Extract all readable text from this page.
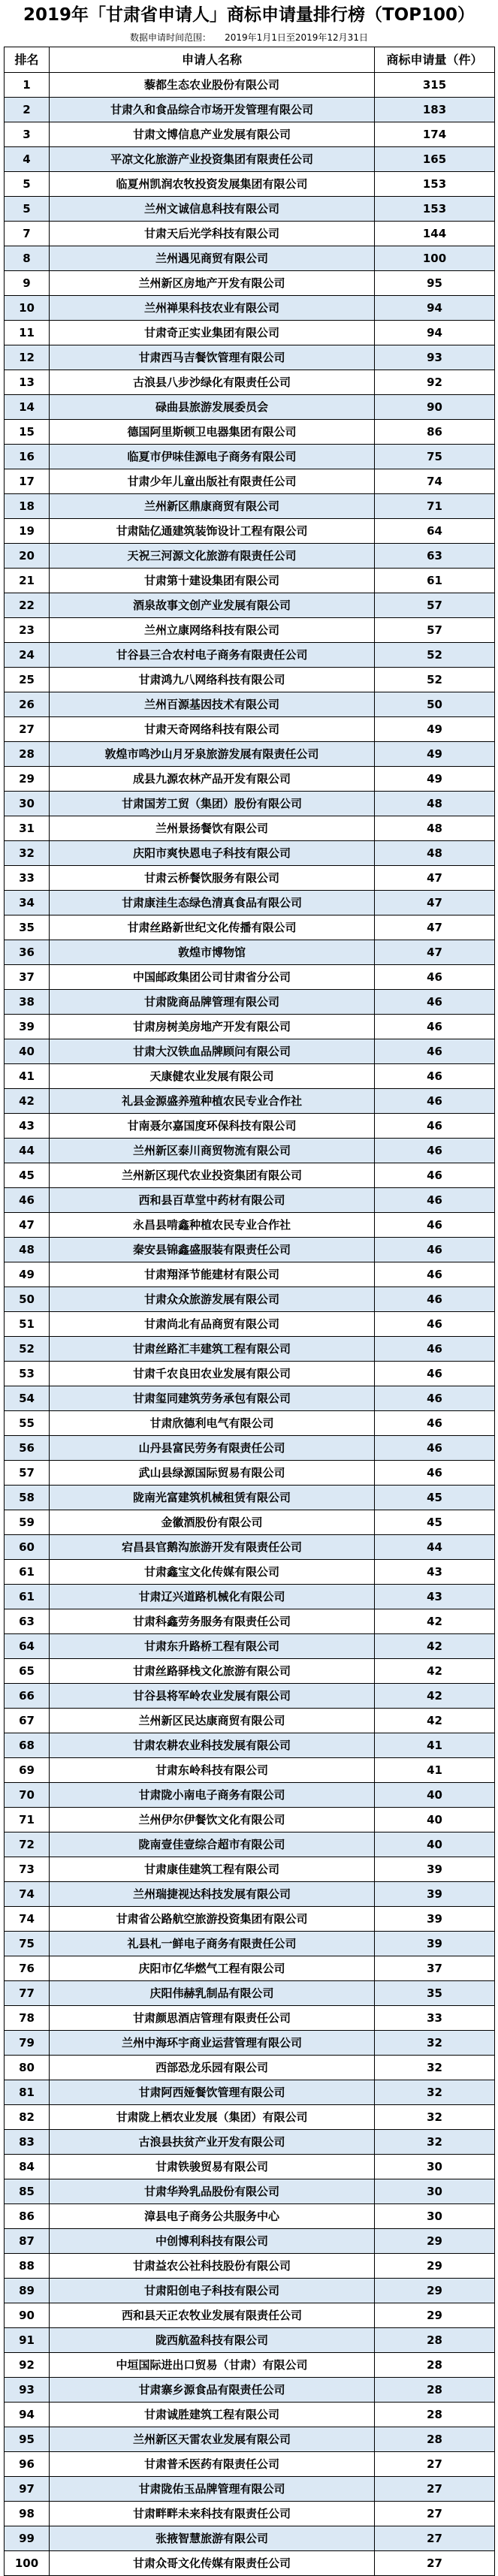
2019年「甘肃省申请人」商标申请量排行榜（TOP100）
数据申请时间范围： 2019年1月1日至2019年12月31日
排名	申请人名称	商标申请量（件）
1	藜都生态农业股份有限公司	315
2	甘肃久和食品综合市场开发管理有限公司	183
3	甘肃文博信息产业发展有限公司	174
4	平凉文化旅游产业投资集团有限责任公司	165
5	临夏州凯润农牧投资发展集团有限公司	153
5	兰州文诚信息科技有限公司	153
7	甘肃天后光学科技有限公司	144
8	兰州遇见商贸有限公司	100
9	兰州新区房地产开发有限公司	95
10	兰州禅果科技农业有限公司	94
11	甘肃奇正实业集团有限公司	94
12	甘肃西马吉餐饮管理有限公司	93
13	古浪县八步沙绿化有限责任公司	92
14	碌曲县旅游发展委员会	90
15	德国阿里斯顿卫电器集团有限公司	86
16	临夏市伊味佳源电子商务有限公司	75
17	甘肃少年儿童出版社有限责任公司	74
18	兰州新区鼎康商贸有限公司	71
19	甘肃陆亿通建筑装饰设计工程有限公司	64
20	天祝三河源文化旅游有限责任公司	63
21	甘肃第十建设集团有限公司	61
22	酒泉故事文创产业发展有限公司	57
23	兰州立康网络科技有限公司	57
24	甘谷县三合农村电子商务有限责任公司	52
25	甘肃鸿九八网络科技有限公司	52
26	兰州百源基因技术有限公司	50
27	甘肃天奇网络科技有限公司	49
28	敦煌市鸣沙山月牙泉旅游发展有限责任公司	49
29	成县九源农林产品开发有限公司	49
30	甘肃国芳工贸（集团）股份有限公司	48
31	兰州景扬餐饮有限公司	48
32	庆阳市爽快恩电子科技有限公司	48
33	甘肃云桥餐饮服务有限公司	47
34	甘肃康洼生态绿色清真食品有限公司	47
35	甘肃丝路新世纪文化传播有限公司	47
36	敦煌市博物馆	47
37	中国邮政集团公司甘肃省分公司	46
38	甘肃陇商品牌管理有限公司	46
39	甘肃房树美房地产开发有限公司	46
40	甘肃大汉铁血品牌顾问有限公司	46
41	天康健农业发展有限公司	46
42	礼县金源盛养殖种植农民专业合作社	46
43	甘南聂尔嘉国度环保科技有限公司	46
44	兰州新区泰川商贸物流有限公司	46
45	兰州新区现代农业投资集团有限公司	46
46	西和县百草堂中药材有限公司	46
47	永昌县啃鑫种植农民专业合作社	46
48	秦安县锦鑫盛服装有限责任公司	46
49	甘肃翔泽节能建材有限公司	46
50	甘肃众众旅游发展有限公司	46
51	甘肃尚北有品商贸有限公司	46
52	甘肃丝路汇丰建筑工程有限公司	46
53	甘肃千农良田农业发展有限公司	46
54	甘肃玺同建筑劳务承包有限公司	46
55	甘肃欣德利电气有限公司	46
56	山丹县富民劳务有限责任公司	46
57	武山县绿源国际贸易有限公司	46
58	陇南光富建筑机械租赁有限公司	45
59	金徽酒股份有限公司	45
60	宕昌县官鹅沟旅游开发有限责任公司	44
61	甘肃鑫宝文化传媒有限公司	43
61	甘肃辽兴道路机械化有限公司	43
63	甘肃科鑫劳务服务有限责任公司	42
64	甘肃东升路桥工程有限公司	42
65	甘肃丝路驿栈文化旅游有限公司	42
66	甘谷县将军岭农业发展有限公司	42
67	兰州新区民达康商贸有限公司	42
68	甘肃农耕农业科技发展有限公司	41
69	甘肃东岭科技有限公司	41
70	甘肃陇小南电子商务有限公司	40
71	兰州伊尔伊餐饮文化有限公司	40
72	陇南壹佳壹综合超市有限公司	40
73	甘肃康佳建筑工程有限公司	39
74	兰州瑞捷视达科技发展有限公司	39
74	甘肃省公路航空旅游投资集团有限公司	39
75	礼县札一鲜电子商务有限责任公司	39
76	庆阳市亿华燃气工程有限公司	37
77	庆阳伟赫乳制品有限公司	35
78	甘肃颜思酒店管理有限责任公司	33
79	兰州中海环宇商业运营管理有限公司	32
80	西部恐龙乐园有限公司	32
81	甘肃阿西娅餐饮管理有限公司	32
82	甘肃陇上栖农业发展（集团）有限公司	32
83	古浪县扶贫产业开发有限公司	32
84	甘肃铁骏贸易有限公司	30
85	甘肃华羚乳品股份有限公司	30
86	漳县电子商务公共服务中心	30
87	中创博利科技有限公司	29
88	甘肃益农公社科技股份有限公司	29
89	甘肃阳创电子科技有限公司	29
90	西和县天正农牧业发展有限责任公司	29
91	陇西航盈科技有限公司	28
92	中垣国际进出口贸易（甘肃）有限公司	28
93	甘肃寨乡源食品有限责任公司	28
94	甘肃诚胜建筑工程有限公司	28
95	兰州新区天雷农业发展有限公司	28
96	甘肃普禾医药有限责任公司	27
97	甘肃陇佑玉品牌管理有限公司	27
98	甘肃畔畔未来科技有限责任公司	27
99	张掖智慧旅游有限公司	27
100	甘肃众哥文化传媒有限责任公司	27
